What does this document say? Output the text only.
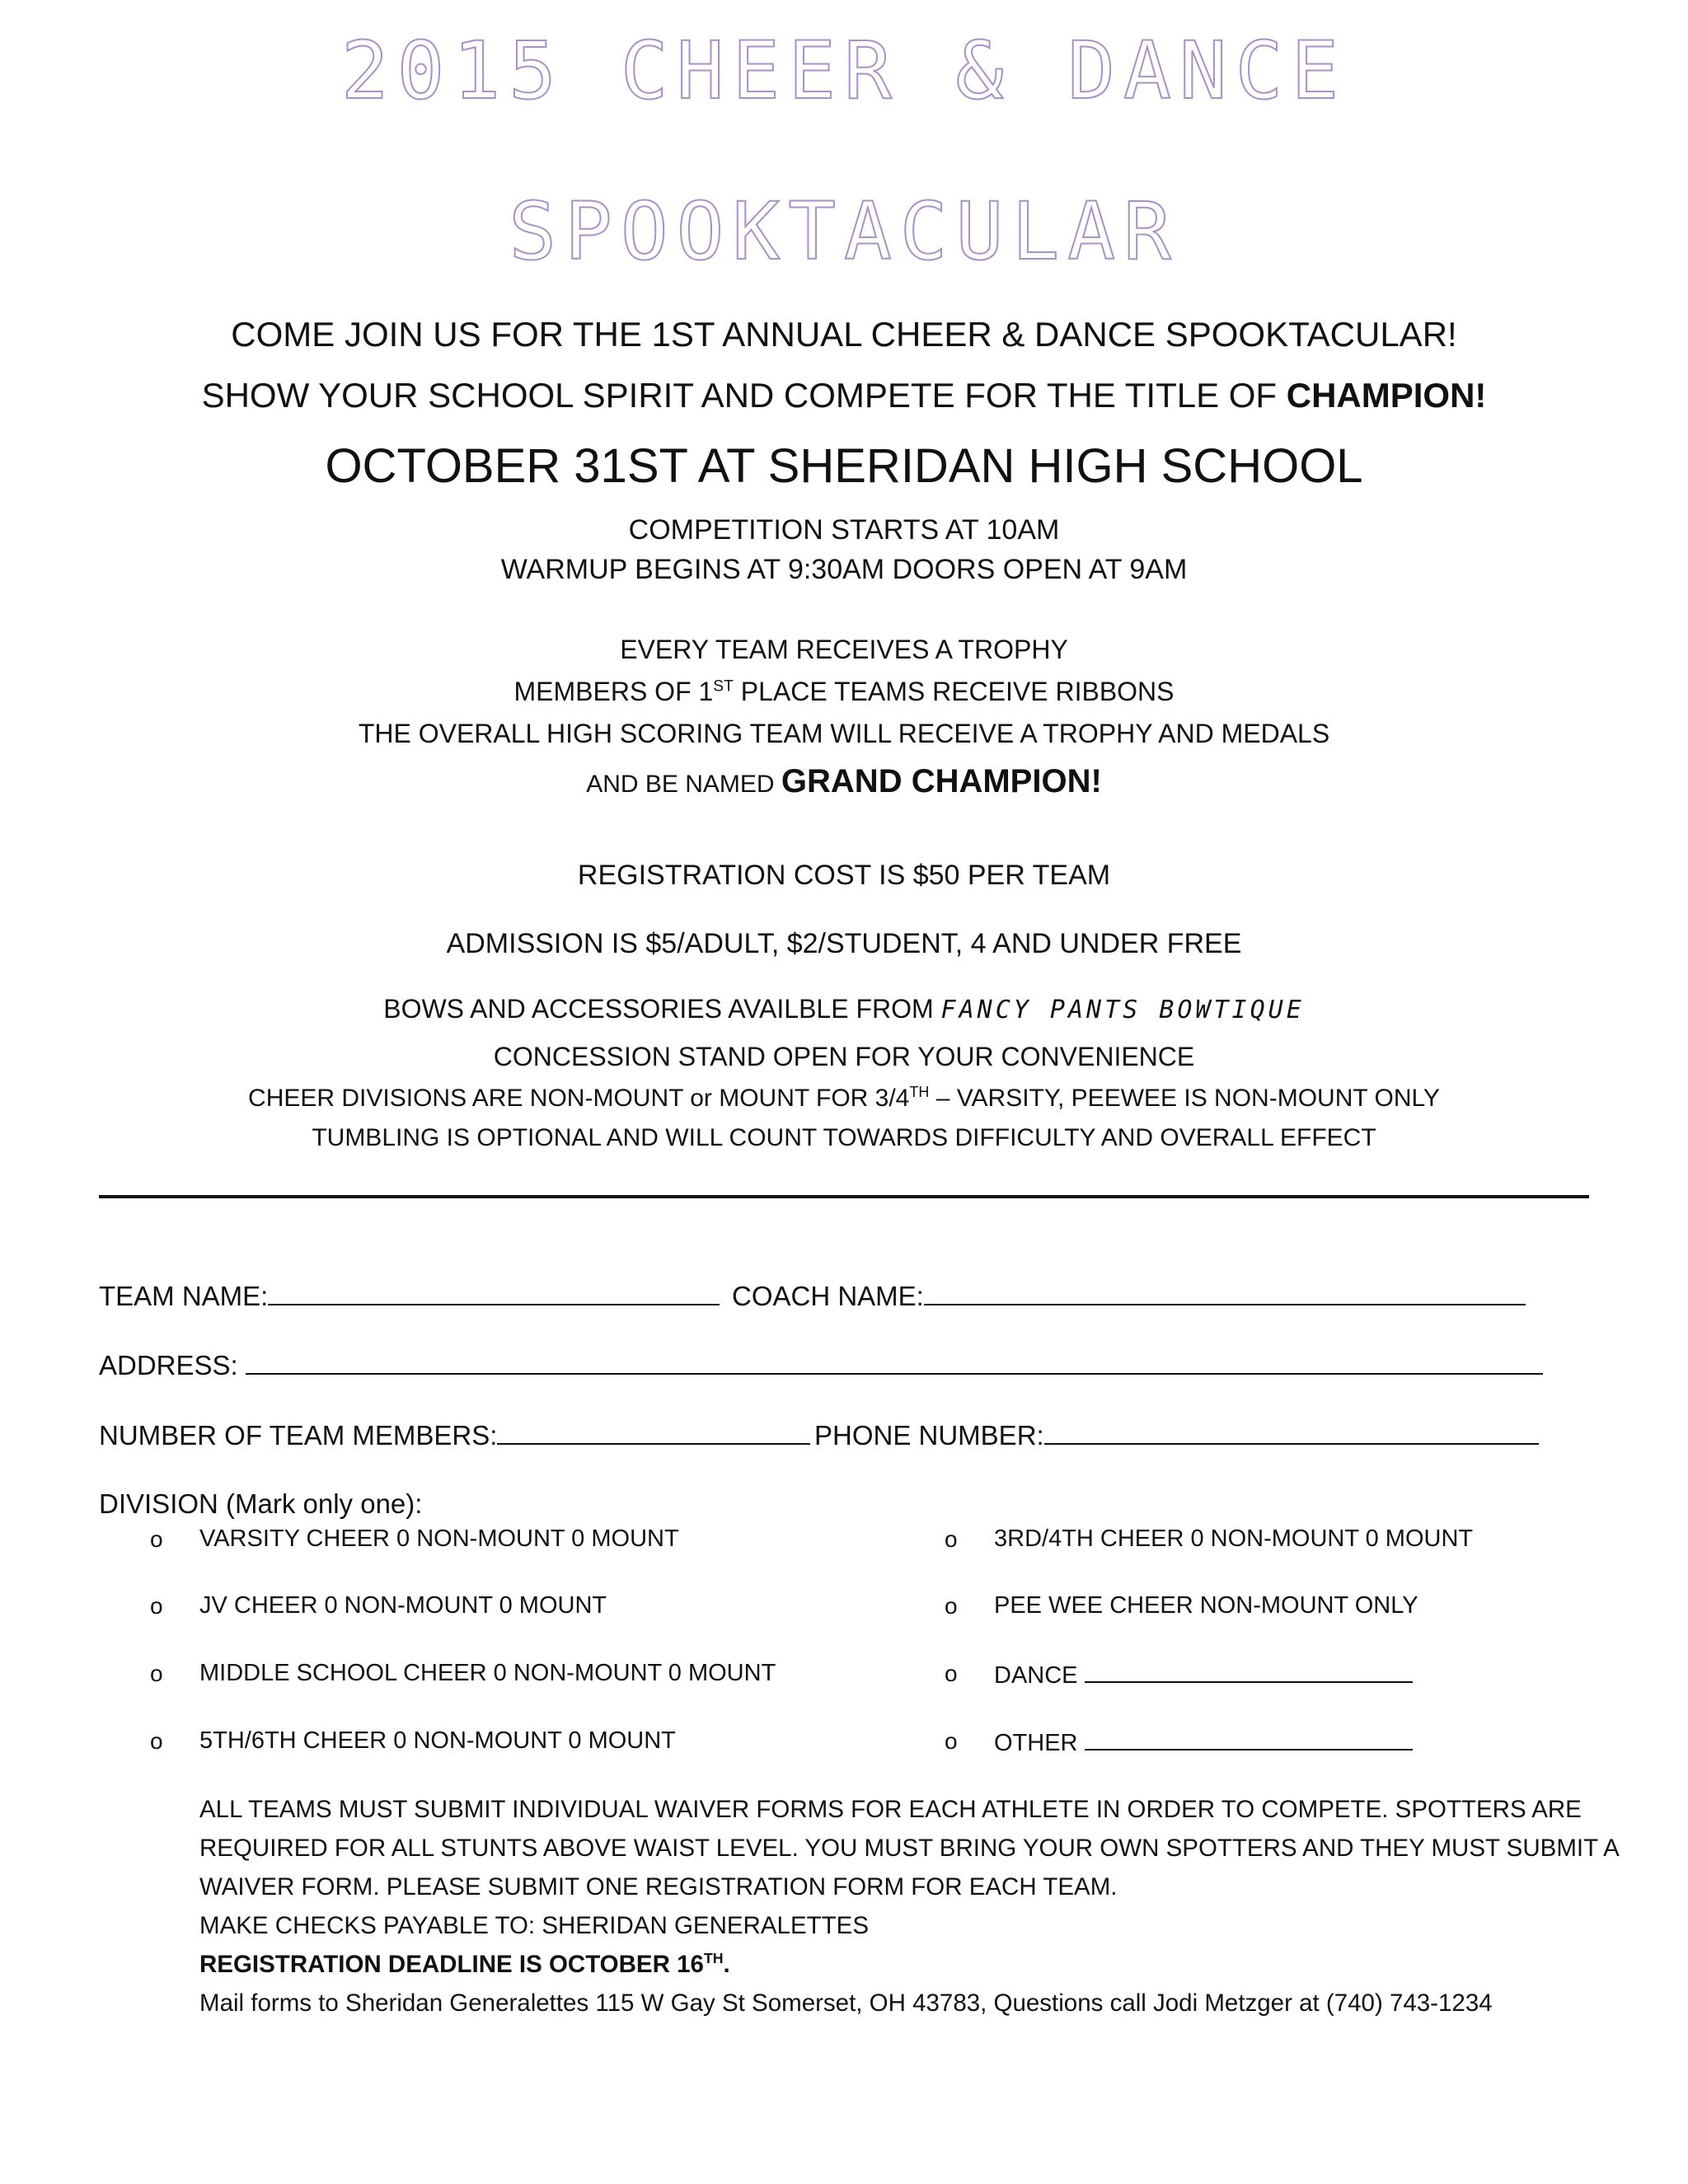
2015 CHEER & DANCE
SPOOKTACULAR
COME JOIN US FOR THE 1ST ANNUAL CHEER & DANCE SPOOKTACULAR!
SHOW YOUR SCHOOL SPIRIT AND COMPETE FOR THE TITLE OF CHAMPION!
OCTOBER 31ST AT SHERIDAN HIGH SCHOOL
COMPETITION STARTS AT 10AM
WARMUP BEGINS AT 9:30AM DOORS OPEN AT 9AM
EVERY TEAM RECEIVES A TROPHY
MEMBERS OF 1ST PLACE TEAMS RECEIVE RIBBONS
THE OVERALL HIGH SCORING TEAM WILL RECEIVE A TROPHY AND MEDALS
AND BE NAMED GRAND CHAMPION!
REGISTRATION COST IS $50 PER TEAM
ADMISSION IS $5/ADULT, $2/STUDENT, 4 AND UNDER FREE
BOWS AND ACCESSORIES AVAILBLE FROM FANCY PANTS BOWTIQUE
CONCESSION STAND OPEN FOR YOUR CONVENIENCE
CHEER DIVISIONS ARE NON-MOUNT or MOUNT FOR 3/4TH – VARSITY, PEEWEE IS NON-MOUNT ONLY
TUMBLING IS OPTIONAL AND WILL COUNT TOWARDS DIFFICULTY AND OVERALL EFFECT
TEAM NAME:	COACH NAME:
ADDRESS:
NUMBER OF TEAM MEMBERS:	PHONE NUMBER:
DIVISION (Mark only one):
o VARSITY CHEER 0 NON-MOUNT 0 MOUNT
o JV CHEER 0 NON-MOUNT 0 MOUNT
o MIDDLE SCHOOL CHEER 0 NON-MOUNT 0 MOUNT
o 5TH/6TH CHEER 0 NON-MOUNT 0 MOUNT
o 3RD/4TH CHEER 0 NON-MOUNT 0 MOUNT
o PEE WEE CHEER NON-MOUNT ONLY
o DANCE
o OTHER
ALL TEAMS MUST SUBMIT INDIVIDUAL WAIVER FORMS FOR EACH ATHLETE IN ORDER TO COMPETE. SPOTTERS ARE
REQUIRED FOR ALL STUNTS ABOVE WAIST LEVEL. YOU MUST BRING YOUR OWN SPOTTERS AND THEY MUST SUBMIT A
WAIVER FORM. PLEASE SUBMIT ONE REGISTRATION FORM FOR EACH TEAM.
MAKE CHECKS PAYABLE TO: SHERIDAN GENERALETTES
REGISTRATION DEADLINE IS OCTOBER 16TH.
Mail forms to Sheridan Generalettes 115 W Gay St Somerset, OH 43783, Questions call Jodi Metzger at (740) 743-1234
